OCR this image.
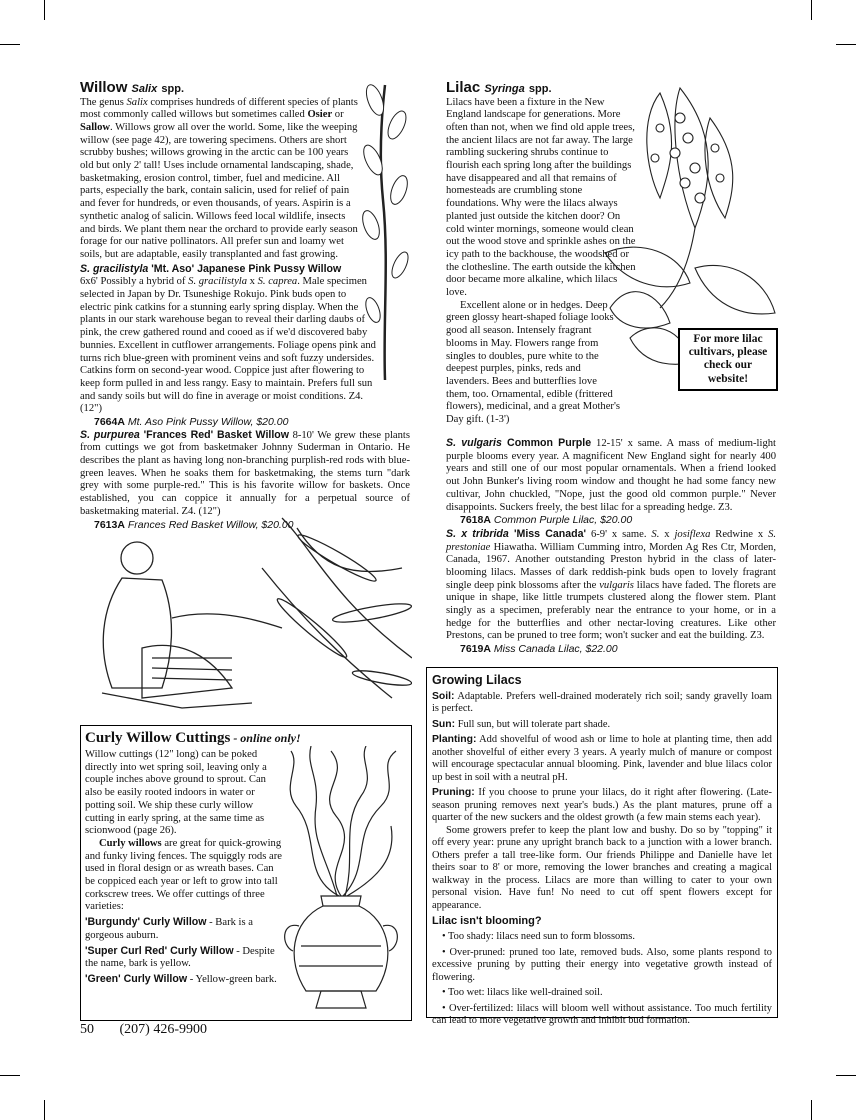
Willow Salix spp.

The genus Salix comprises hundreds of different species of plants most commonly called willows but sometimes called Osier or Sallow. Willows grow all over the world. Some, like the weeping willow (see page 42), are towering specimens. Others are short scrubby bushes; willows growing in the arctic can be 100 years old but only 2' tall! Uses include ornamental landscaping, shade, basketmaking, erosion control, timber, fuel and medicine. All parts, especially the bark, contain salicin, used for relief of pain and fever for hundreds, or even thousands, of years. Aspirin is a synthetic analog of salicin. Willows feed local wildlife, insects and birds. We plant them near the orchard to provide early season forage for our native pollinators. All prefer sun and loamy wet soils, but are adaptable, easily transplanted and fast growing.

S. gracilistyla 'Mt. Aso' Japanese Pink Pussy Willow
6x6' Possibly a hybrid of S. gracilistyla x S. caprea. Male specimen selected in Japan by Dr. Tsuneshige Rokujo. Pink buds open to electric pink catkins for a stunning early spring display. When the plants in our stark warehouse began to reveal their darling daubs of pink, the crew gathered round and cooed as if we'd discovered baby bunnies. Excellent in cutflower arrangements. Foliage opens pink and turns rich blue-green with prominent veins and soft fuzzy undersides. Catkins form on second-year wood. Coppice just after flowering to keep form pulled in and less rangy. Easy to maintain. Prefers full sun and sandy soils but will do fine in average or moist conditions. Z4. (12")

7664A Mt. Aso Pink Pussy Willow, $20.00

S. purpurea 'Frances Red' Basket Willow 8-10' We grew these plants from cuttings we got from basketmaker Johnny Suderman in Ontario. He describes the plant as having long non-branching purplish-red rods with blue-green leaves. When he soaks them for basketmaking, the stems turn "dark grey with some purple-red." This is his favorite willow for baskets. Once established, you can coppice it annually for a perpetual source of basketmaking material. Z4. (12")

7613A Frances Red Basket Willow, $20.00
Curly Willow Cuttings - online only!

Willow cuttings (12" long) can be poked directly into wet spring soil, leaving only a couple inches above ground to sprout. Can also be easily rooted indoors in water or potting soil. We ship these curly willow cutting in early spring, at the same time as scionwood (page 26).

Curly willows are great for quick-growing and funky living fences. The squiggly rods are used in floral design or as wreath bases. Can be coppiced each year or left to grow into tall corkscrew trees. We offer cuttings of three varieties:

'Burgundy' Curly Willow - Bark is a gorgeous auburn.

'Super Curl Red' Curly Willow - Despite the name, bark is yellow.

'Green' Curly Willow - Yellow-green bark.

Lilac Syringa spp.

Lilacs have been a fixture in the New England landscape for generations. More often than not, when we find old apple trees, the ancient lilacs are not far away. The large rambling suckering shrubs continue to flourish each spring long after the buildings have disappeared and all that remains of homesteads are crumbling stone foundations. Why were the lilacs always planted just outside the kitchen door? On cold winter mornings, someone would clean out the wood stove and sprinkle ashes on the icy path to the backhouse, the woodshed or the clothesline. The earth outside the kitchen door became more alkaline, which lilacs love.

Excellent alone or in hedges. Deep green glossy heart-shaped foliage looks good all season. Intensely fragrant blooms in May. Flowers range from singles to doubles, pure white to the deepest purples, pinks, reds and lavenders. Bees and butterflies love them, too. Ornamental, edible (frittered flowers), medicinal, and a great Mother's Day gift. (1-3')

For more lilac cultivars, please check our website!

S. vulgaris Common Purple 12-15' x same. A mass of medium-light purple blooms every year. A magnificent New England sight for nearly 400 years and still one of our most popular ornamentals. When a friend looked out John Bunker's living room window and thought he had some fancy new cultivar, John chuckled, "Nope, just the good old common purple." Never disappoints. Suckers freely, the best lilac for a spreading hedge. Z3.

7618A Common Purple Lilac, $20.00

S. x tribrida 'Miss Canada' 6-9' x same. S. x josiflexa Redwine x S. prestoniae Hiawatha. William Cumming intro, Morden Ag Res Ctr, Morden, Canada, 1967. Another outstanding Preston hybrid in the class of later-blooming lilacs. Masses of dark reddish-pink buds open to lovely fragrant single deep pink blossoms after the vulgaris lilacs have faded. The florets are unique in shape, like little trumpets clustered along the flower stem. Plant singly as a specimen, preferably near the entrance to your home, or in a hedge for the butterflies and other nectar-loving creatures. Like other Prestons, can be pruned to tree form; won't sucker and eat the building. Z3.

7619A Miss Canada Lilac, $22.00
Growing Lilacs

Soil: Adaptable. Prefers well-drained moderately rich soil; sandy gravelly loam is perfect.

Sun: Full sun, but will tolerate part shade.

Planting: Add shovelful of wood ash or lime to hole at planting time, then add another shovelful of either every 3 years. A yearly mulch of manure or compost will encourage spectacular annual blooming. Pink, lavender and blue lilacs color up best in soil with a neutral pH.

Pruning: If you choose to prune your lilacs, do it right after flowering. (Late-season pruning removes next year's buds.) As the plant matures, prune off a quarter of the new suckers and the oldest growth (a few main stems each year).

Some growers prefer to keep the plant low and bushy. Do so by "topping" it off every year: prune any upright branch back to a junction with a lower branch. Others prefer a tall tree-like form. Our friends Philippe and Danielle have let theirs soar to 8' or more, removing the lower branches and creating a magical walkway in the process. Lilacs are more than willing to cater to your own personal vision. Have fun! No need to cut off spent flowers except for appearance.

Lilac isn't blooming?

• Too shady: lilacs need sun to form blossoms.

• Over-pruned: pruned too late, removed buds. Also, some plants respond to excessive pruning by putting their energy into vegetative growth instead of flowering.

• Too wet: lilacs like well-drained soil.

• Over-fertilized: lilacs will bloom well without assistance. Too much fertility can lead to more vegetative growth and inhibit bud formation.

50 (207) 426-9900
